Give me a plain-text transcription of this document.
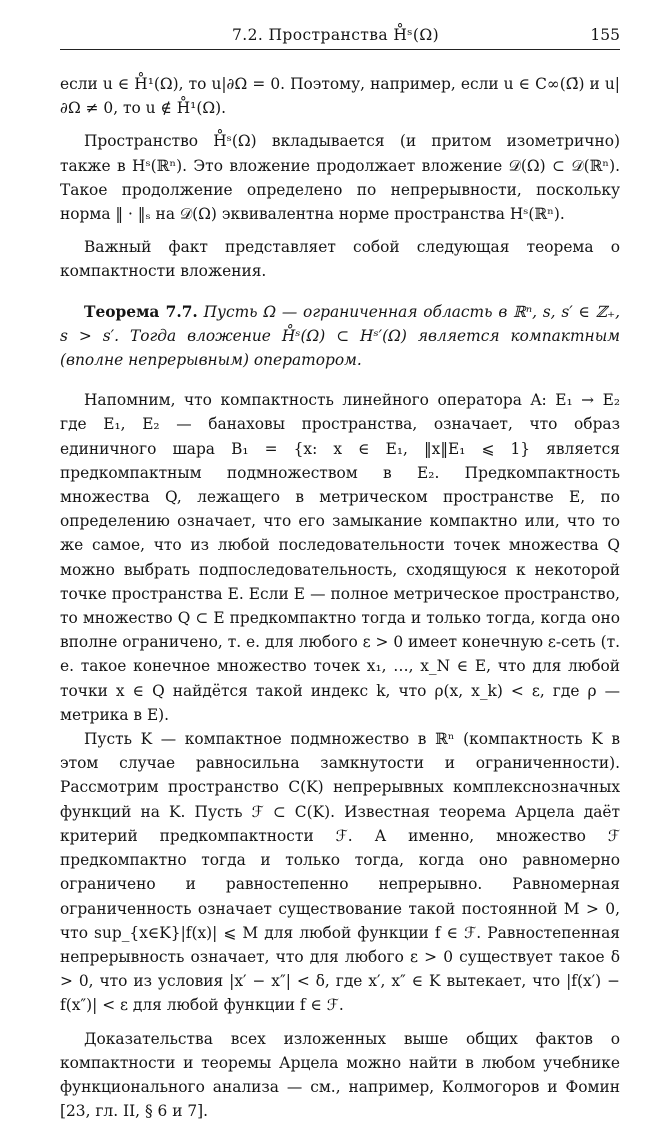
7.2. Пространства H̊ˢ(Ω)	155

если u ∈ H̊¹(Ω), то u|∂Ω = 0. Поэтому, например, если u ∈ C∞(Ω̄) и u|∂Ω ≠ 0, то u ∉ H̊¹(Ω).

Пространство H̊ˢ(Ω) вкладывается (и притом изометрично) также в Hˢ(ℝⁿ). Это вложение продолжает вложение 𝒟(Ω) ⊂ 𝒟(ℝⁿ). Такое продолжение определено по непрерывности, поскольку норма ‖ · ‖ₛ на 𝒟(Ω) эквивалентна норме пространства Hˢ(ℝⁿ).

Важный факт представляет собой следующая теорема о компактности вложения.

Теорема 7.7. Пусть Ω — ограниченная область в ℝⁿ, s, s′ ∈ ℤ₊, s > s′. Тогда вложение H̊ˢ(Ω) ⊂ Hˢ′(Ω) является компактным (вполне непрерывным) оператором.

Напомним, что компактность линейного оператора A: E₁ → E₂ где E₁, E₂ — банаховы пространства, означает, что образ единичного шара B₁ = {x: x ∈ E₁, ‖x‖E₁ ⩽ 1} является предкомпактным подмножеством в E₂. Предкомпактность множества Q, лежащего в метрическом пространстве E, по определению означает, что его замыкание компактно или, что то же самое, что из любой последовательности точек множества Q можно выбрать подпоследовательность, сходящуюся к некоторой точке пространства E. Если E — полное метрическое пространство, то множество Q ⊂ E предкомпактно тогда и только тогда, когда оно вполне ограничено, т. е. для любого ε > 0 имеет конечную ε-сеть (т. е. такое конечное множество точек x₁, …, x_N ∈ E, что для любой точки x ∈ Q найдётся такой индекс k, что ρ(x, x_k) < ε, где ρ — метрика в E).

Пусть K — компактное подмножество в ℝⁿ (компактность K в этом случае равносильна замкнутости и ограниченности). Рассмотрим пространство C(K) непрерывных комплекснозначных функций на K. Пусть ℱ ⊂ C(K). Известная теорема Арцела даёт критерий предкомпактности ℱ. А именно, множество ℱ предкомпактно тогда и только тогда, когда оно равномерно ограничено и равностепенно непрерывно. Равномерная ограниченность означает существование такой постоянной M > 0, что sup_{x∈K}|f(x)| ⩽ M для любой функции f ∈ ℱ. Равностепенная непрерывность означает, что для любого ε > 0 существует такое δ > 0, что из условия |x′ − x″| < δ, где x′, x″ ∈ K вытекает, что |f(x′) − f(x″)| < ε для любой функции f ∈ ℱ.

Доказательства всех изложенных выше общих фактов о компактности и теоремы Арцела можно найти в любом учебнике функционального анализа — см., например, Колмогоров и Фомин [23, гл. II, § 6 и 7].
